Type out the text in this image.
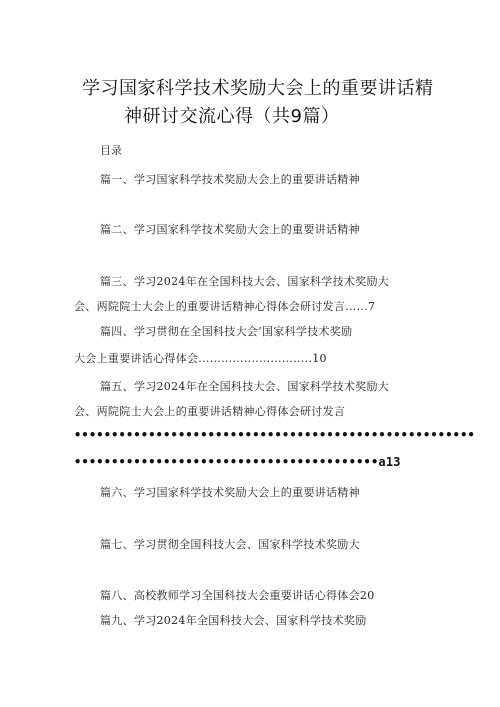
学习国家科学技术奖励大会上的重要讲话精
神研讨交流心得（共9篇）
目录
篇一、学习国家科学技术奖励大会上的重要讲话精神
篇二、学习国家科学技术奖励大会上的重要讲话精神
篇三、学习2024年在全国科技大会、国家科学技术奖励大
会、两院院士大会上的重要讲话精神心得体会研讨发言......7
篇四、学习贯彻在全国科技大会’国家科学技术奖励
大会上重要讲话心得体会..............................10
篇五、学习2024年在全国科技大会、国家科学技术奖励大
会、两院院士大会上的重要讲话精神心得体会研讨发言
••••••••••••••••••••••••••••••••••••••••••••••••••••••
•••••••••••••••••••••••••••••••••••••••••a13
篇六、学习国家科学技术奖励大会上的重要讲话精神
篇七、学习贯彻全国科技大会、国家科学技术奖励大
篇八、高校教师学习全国科技大会重要讲话心得体会20
篇九、学习2024年全国科技大会、国家科学技术奖励
